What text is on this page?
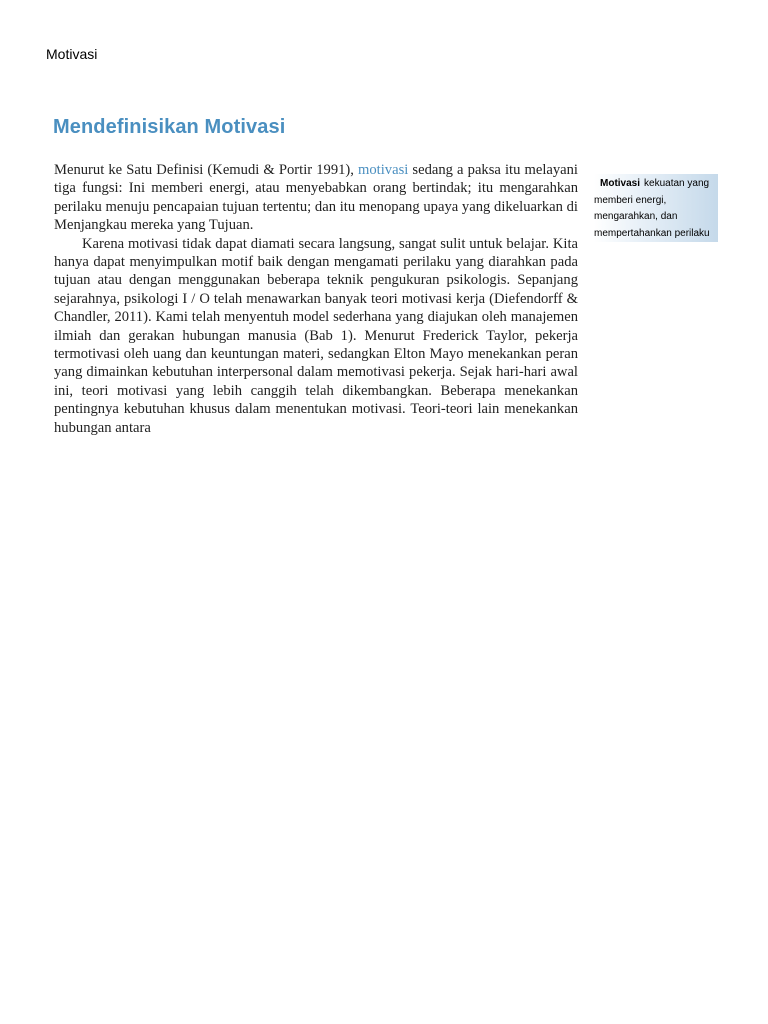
Motivasi
Mendefinisikan Motivasi

Menurut ke Satu Definisi (Kemudi & Portir 1991), motivasi sedang a paksa itu melayani tiga fungsi: Ini memberi energi, atau menyebabkan orang bertindak; itu mengarahkan perilaku menuju pencapaian tujuan tertentu; dan itu menopang upaya yang dikeluarkan di Menjangkau mereka yang Tujuan.

Karena motivasi tidak dapat diamati secara langsung, sangat sulit untuk belajar. Kita hanya dapat menyimpulkan motif baik dengan mengamati perilaku yang diarahkan pada tujuan atau dengan menggunakan beberapa teknik pengukuran psikologis. Sepanjang sejarahnya, psikologi I / O telah menawarkan banyak teori motivasi kerja (Diefendorff & Chandler, 2011). Kami telah menyentuh model sederhana yang diajukan oleh manajemen ilmiah dan gerakan hubungan manusia (Bab 1). Menurut Frederick Taylor, pekerja termotivasi oleh uang dan keuntungan materi, sedangkan Elton Mayo menekankan peran yang dimainkan kebutuhan interpersonal dalam memotivasi pekerja. Sejak hari-hari awal ini, teori motivasi yang lebih canggih telah dikembangkan. Beberapa menekankan pentingnya kebutuhan khusus dalam menentukan motivasi. Teori-teori lain menekankan hubungan antara

Motivasi kekuatan yang memberi energi, mengarahkan, dan mempertahankan perilaku
